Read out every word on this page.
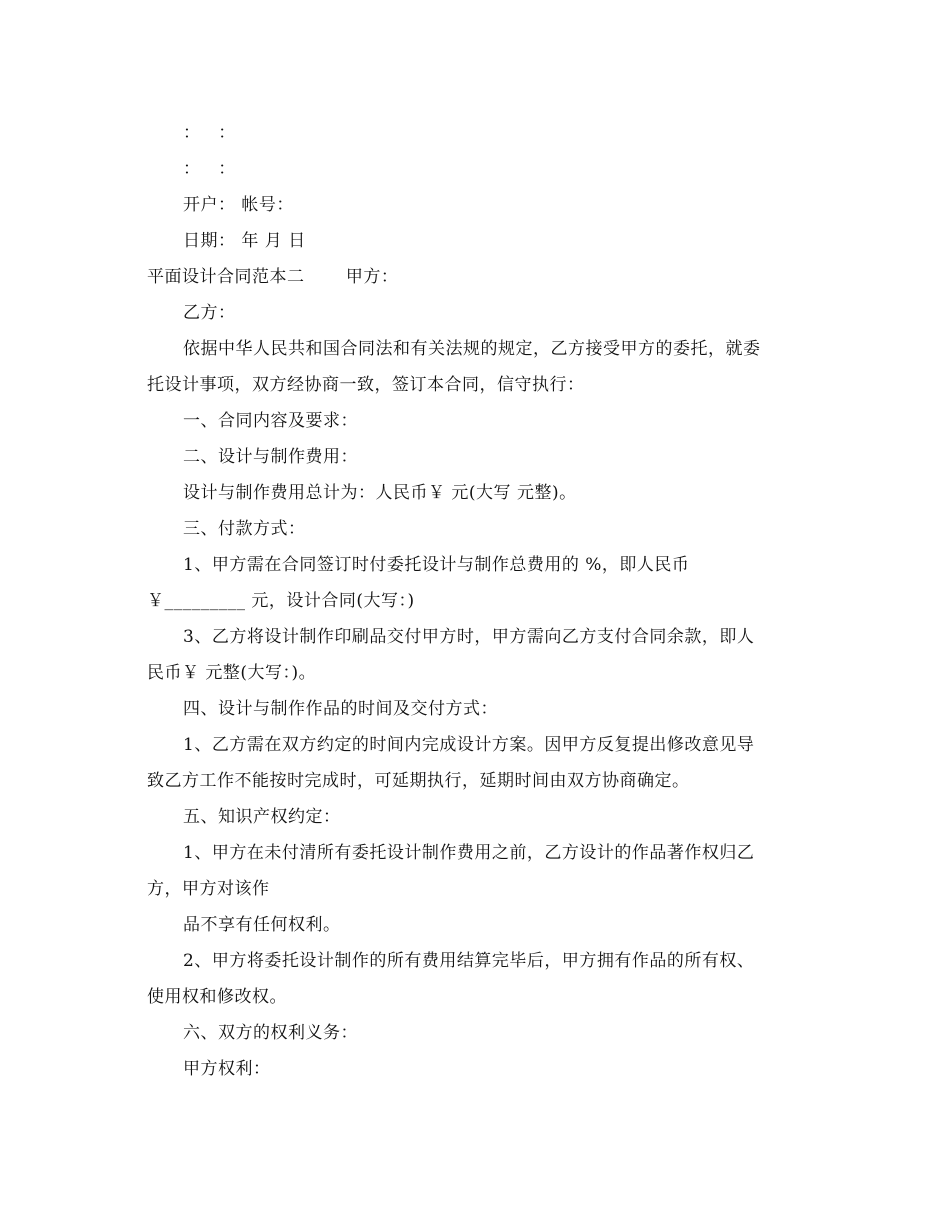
：   ：
：   ：
开户： 帐号：
日期： 年 月 日
平面设计合同范本二       甲方：
乙方：
依据中华人民共和国合同法和有关法规的规定，乙方接受甲方的委托，就委
托设计事项，双方经协商一致，签订本合同，信守执行：
一、合同内容及要求：
二、设计与制作费用：
设计与制作费用总计为：人民币￥ 元(大写 元整)。
三、付款方式：
1、甲方需在合同签订时付委托设计与制作总费用的 %，即人民币
￥_________ 元，设计合同(大写：)
3、乙方将设计制作印刷品交付甲方时，甲方需向乙方支付合同余款，即人
民币￥ 元整(大写：)。
四、设计与制作作品的时间及交付方式：
1、乙方需在双方约定的时间内完成设计方案。因甲方反复提出修改意见导
致乙方工作不能按时完成时，可延期执行，延期时间由双方协商确定。
五、知识产权约定：
1、甲方在未付清所有委托设计制作费用之前，乙方设计的作品著作权归乙
方，甲方对该作
品不享有任何权利。
2、甲方将委托设计制作的所有费用结算完毕后，甲方拥有作品的所有权、
使用权和修改权。
六、双方的权利义务：
甲方权利：
